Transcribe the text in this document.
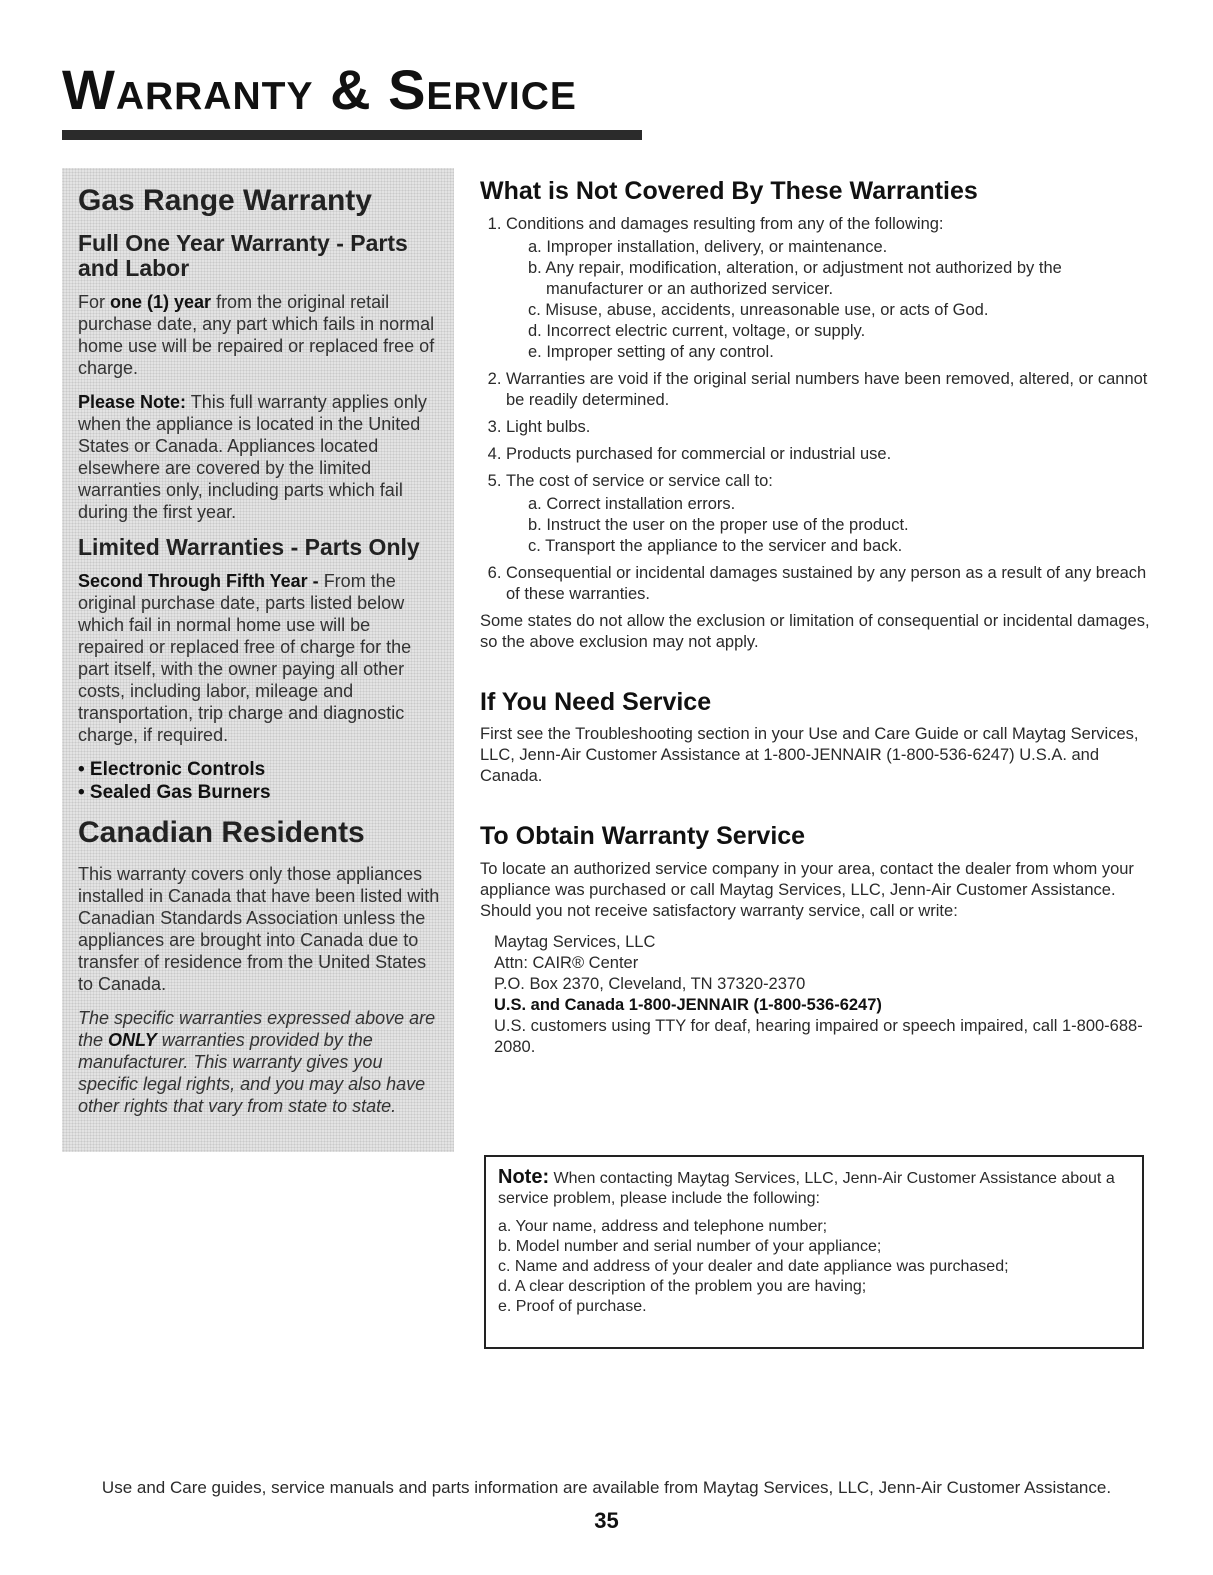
Warranty & Service
Gas Range Warranty
Full One Year Warranty - Parts and Labor

For one (1) year from the original retail purchase date, any part which fails in normal home use will be repaired or replaced free of charge.

Please Note: This full warranty applies only when the appliance is located in the United States or Canada. Appliances located elsewhere are covered by the limited warranties only, including parts which fail during the first year.

Limited Warranties - Parts Only

Second Through Fifth Year - From the original purchase date, parts listed below which fail in normal home use will be repaired or replaced free of charge for the part itself, with the owner paying all other costs, including labor, mileage and transportation, trip charge and diagnostic charge, if required.

• Electronic Controls
• Sealed Gas Burners
Canadian Residents

This warranty covers only those appliances installed in Canada that have been listed with Canadian Standards Association unless the appliances are brought into Canada due to transfer of residence from the United States to Canada.

The specific warranties expressed above are the ONLY warranties provided by the manufacturer. This warranty gives you specific legal rights, and you may also have other rights that vary from state to state.

What is Not Covered By These Warranties
1. Conditions and damages resulting from any of the following:
a. Improper installation, delivery, or maintenance.
b. Any repair, modification, alteration, or adjustment not authorized by the manufacturer or an authorized servicer.
c. Misuse, abuse, accidents, unreasonable use, or acts of God.
d. Incorrect electric current, voltage, or supply.
e. Improper setting of any control.
2. Warranties are void if the original serial numbers have been removed, altered, or cannot be readily determined.
3. Light bulbs.
4. Products purchased for commercial or industrial use.
5. The cost of service or service call to:
a. Correct installation errors.
b. Instruct the user on the proper use of the product.
c. Transport the appliance to the servicer and back.
6. Consequential or incidental damages sustained by any person as a result of any breach of these warranties.

Some states do not allow the exclusion or limitation of consequential or incidental damages, so the above exclusion may not apply.

If You Need Service

First see the Troubleshooting section in your Use and Care Guide or call Maytag Services, LLC, Jenn-Air Customer Assistance at 1-800-JENNAIR (1-800-536-6247) U.S.A. and Canada.

To Obtain Warranty Service

To locate an authorized service company in your area, contact the dealer from whom your appliance was purchased or call Maytag Services, LLC, Jenn-Air Customer Assistance. Should you not receive satisfactory warranty service, call or write:

Maytag Services, LLC
Attn: CAIR® Center
P.O. Box 2370, Cleveland, TN 37320-2370
U.S. and Canada 1-800-JENNAIR (1-800-536-6247)
U.S. customers using TTY for deaf, hearing impaired or speech impaired, call 1-800-688-2080.

Note: When contacting Maytag Services, LLC, Jenn-Air Customer Assistance about a service problem, please include the following:

a. Your name, address and telephone number;
b. Model number and serial number of your appliance;
c. Name and address of your dealer and date appliance was purchased;
d. A clear description of the problem you are having;
e. Proof of purchase.

Use and Care guides, service manuals and parts information are available from Maytag Services, LLC, Jenn-Air Customer Assistance.

35
